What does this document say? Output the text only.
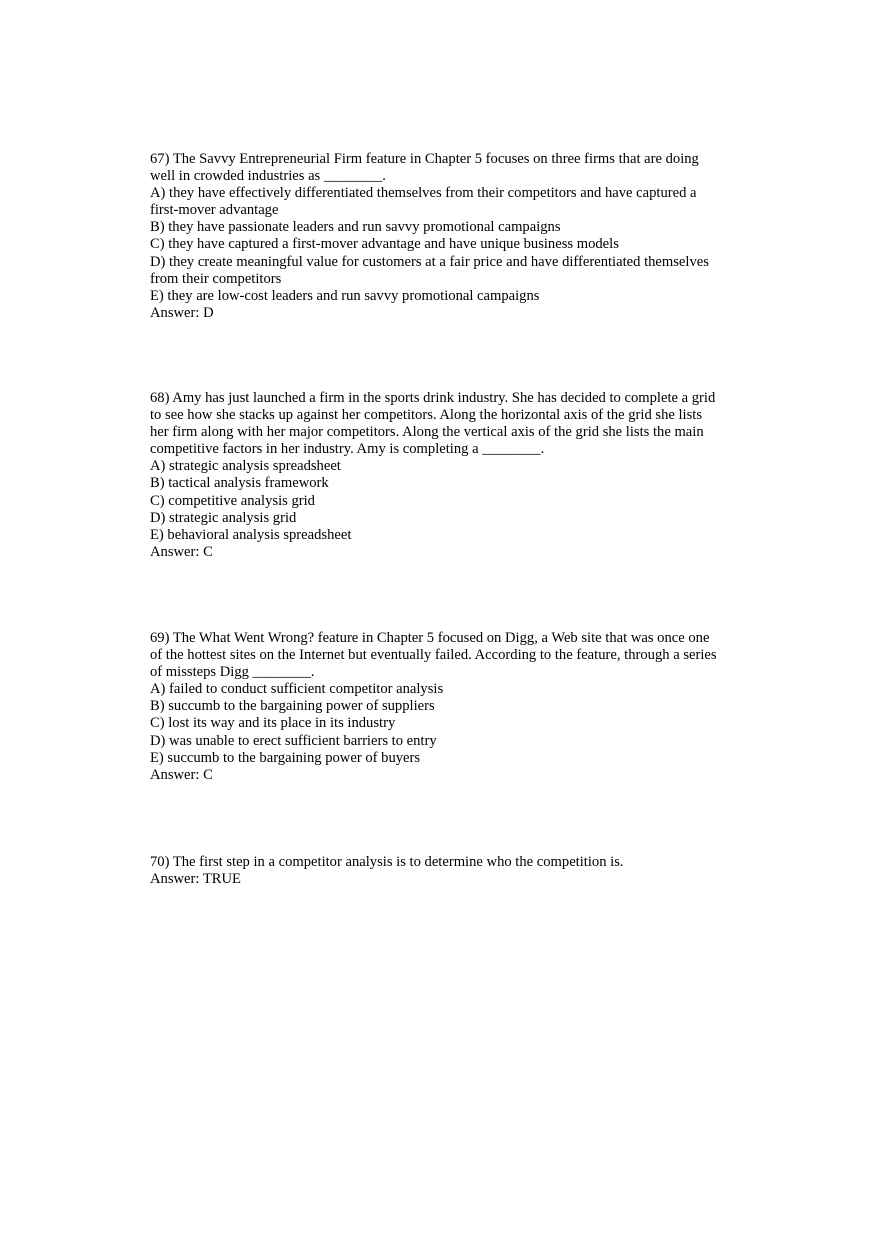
67) The Savvy Entrepreneurial Firm feature in Chapter 5 focuses on three firms that are doing
well in crowded industries as ________.
A) they have effectively differentiated themselves from their competitors and have captured a
first-mover advantage
B) they have passionate leaders and run savvy promotional campaigns
C) they have captured a first-mover advantage and have unique business models
D) they create meaningful value for customers at a fair price and have differentiated themselves
from their competitors
E) they are low-cost leaders and run savvy promotional campaigns
Answer: D
68) Amy has just launched a firm in the sports drink industry. She has decided to complete a grid
to see how she stacks up against her competitors. Along the horizontal axis of the grid she lists
her firm along with her major competitors. Along the vertical axis of the grid she lists the main
competitive factors in her industry. Amy is completing a ________.
A) strategic analysis spreadsheet
B) tactical analysis framework
C) competitive analysis grid
D) strategic analysis grid
E) behavioral analysis spreadsheet
Answer: C
69) The What Went Wrong? feature in Chapter 5 focused on Digg, a Web site that was once one
of the hottest sites on the Internet but eventually failed. According to the feature, through a series
of missteps Digg ________.
A) failed to conduct sufficient competitor analysis
B) succumb to the bargaining power of suppliers
C) lost its way and its place in its industry
D) was unable to erect sufficient barriers to entry
E) succumb to the bargaining power of buyers
Answer: C
70) The first step in a competitor analysis is to determine who the competition is.
Answer: TRUE
